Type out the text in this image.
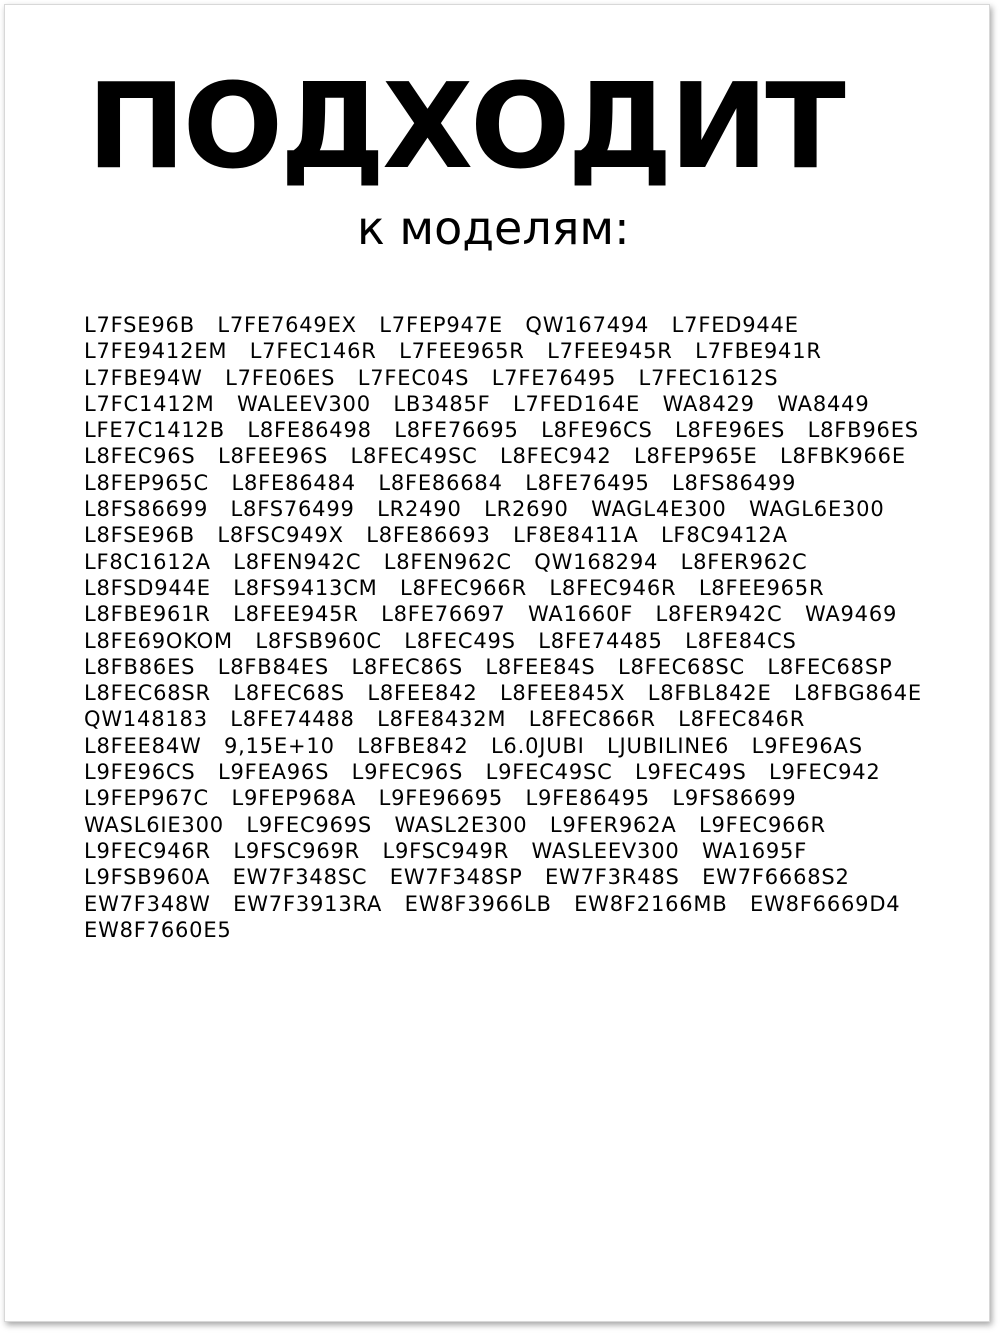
ПОДХОДИТ
к моделям:
L7FSE96B L7FE7649EX L7FEP947E QW167494 L7FED944E   L7FE9412EM L7FEC146R L7FEE965R L7FEE945R L7FBE941R   L7FBE94W L7FE06ES L7FEC04S L7FE76495 L7FEC1612S   L7FC1412M WALEEV300 LB3485F L7FED164E WA8429 WA8449   LFE7C1412B L8FE86498 L8FE76695 L8FE96CS L8FE96ES L8FB96ES   L8FEC96S L8FEE96S L8FEC49SC L8FEC942 L8FEP965E L8FBK966E   L8FEP965C L8FE86484 L8FE86684 L8FE76495 L8FS86499   L8FS86699 L8FS76499 LR2490 LR2690 WAGL4E300 WAGL6E300   L8FSE96B L8FSC949X L8FE86693 LF8E8411A LF8C9412A   LF8C1612A L8FEN942C L8FEN962C QW168294 L8FER962C   L8FSD944E L8FS9413CM L8FEC966R L8FEC946R L8FEE965R   L8FBE961R L8FEE945R L8FE76697 WA1660F L8FER942C WA9469   L8FE69OKOM L8FSB960C L8FEC49S L8FE74485 L8FE84CS   L8FB86ES L8FB84ES L8FEC86S L8FEE84S L8FEC68SC L8FEC68SP   L8FEC68SR L8FEC68S L8FEE842 L8FEE845X L8FBL842E L8FBG864E   QW148183 L8FE74488 L8FE8432M L8FEC866R L8FEC846R   L8FEE84W 9,15E+10 L8FBE842 L6.0JUBI LJUBILINE6 L9FE96AS   L9FE96CS L9FEA96S L9FEC96S L9FEC49SC L9FEC49S L9FEC942   L9FEP967C L9FEP968A L9FE96695 L9FE86495 L9FS86699   WASL6IE300 L9FEC969S WASL2E300 L9FER962A L9FEC966R   L9FEC946R L9FSC969R L9FSC949R WASLEEV300 WA1695F   L9FSB960A EW7F348SC EW7F348SP EW7F3R48S EW7F6668S2   EW7F348W EW7F3913RA EW8F3966LB EW8F2166MB EW8F6669D4   EW8F7660E5
